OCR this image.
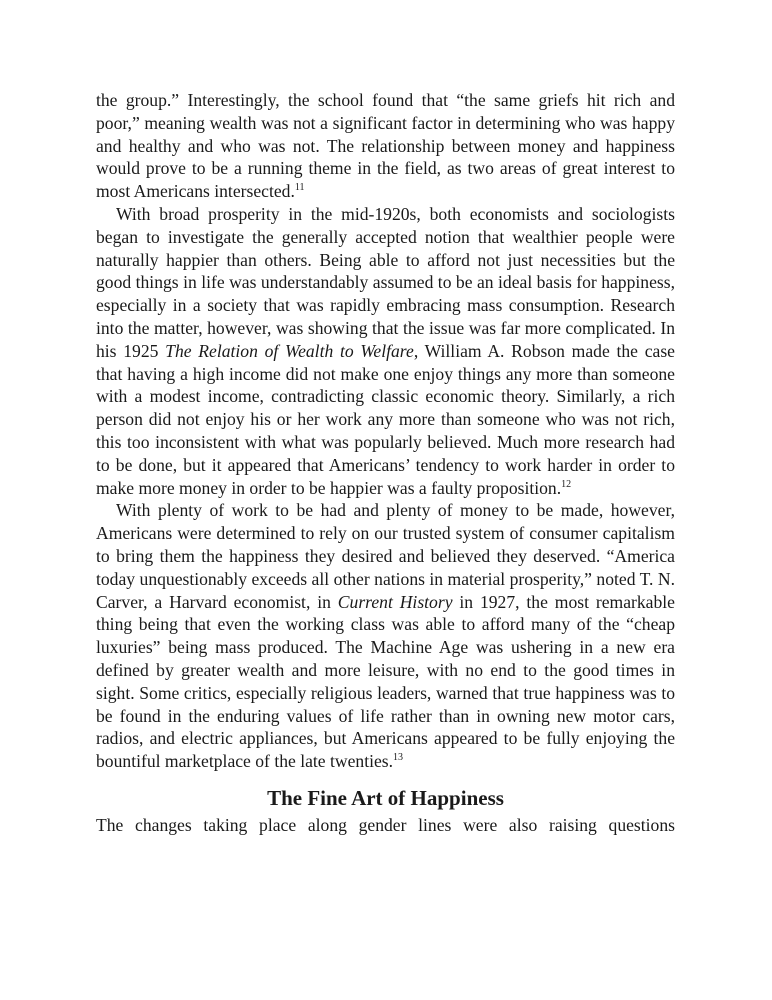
the group.” Interestingly, the school found that “the same griefs hit rich and poor,” meaning wealth was not a significant factor in determining who was happy and healthy and who was not. The relationship between money and happiness would prove to be a running theme in the field, as two areas of great interest to most Americans intersected.$^{11}$

With broad prosperity in the mid-1920s, both economists and sociologists began to investigate the generally accepted notion that wealthier people were naturally happier than others. Being able to afford not just necessities but the good things in life was understandably assumed to be an ideal basis for happiness, especially in a society that was rapidly embracing mass consumption. Research into the matter, however, was showing that the issue was far more complicated. In his 1925 The Relation of Wealth to Welfare, William A. Robson made the case that having a high income did not make one enjoy things any more than someone with a modest income, contradicting classic economic theory. Similarly, a rich person did not enjoy his or her work any more than someone who was not rich, this too inconsistent with what was popularly believed. Much more research had to be done, but it appeared that Americans’ tendency to work harder in order to make more money in order to be happier was a faulty proposition.$^{12}$

With plenty of work to be had and plenty of money to be made, however, Americans were determined to rely on our trusted system of consumer capitalism to bring them the happiness they desired and believed they deserved. “America today unquestionably exceeds all other nations in material prosperity,” noted T. N. Carver, a Harvard economist, in Current History in 1927, the most remarkable thing being that even the working class was able to afford many of the “cheap luxuries” being mass produced. The Machine Age was ushering in a new era defined by greater wealth and more leisure, with no end to the good times in sight. Some critics, especially religious leaders, warned that true happiness was to be found in the enduring values of life rather than in owning new motor cars, radios, and electric appliances, but Americans appeared to be fully enjoying the bountiful marketplace of the late twenties.$^{13}$

The Fine Art of Happiness

The changes taking place along gender lines were also raising questions
